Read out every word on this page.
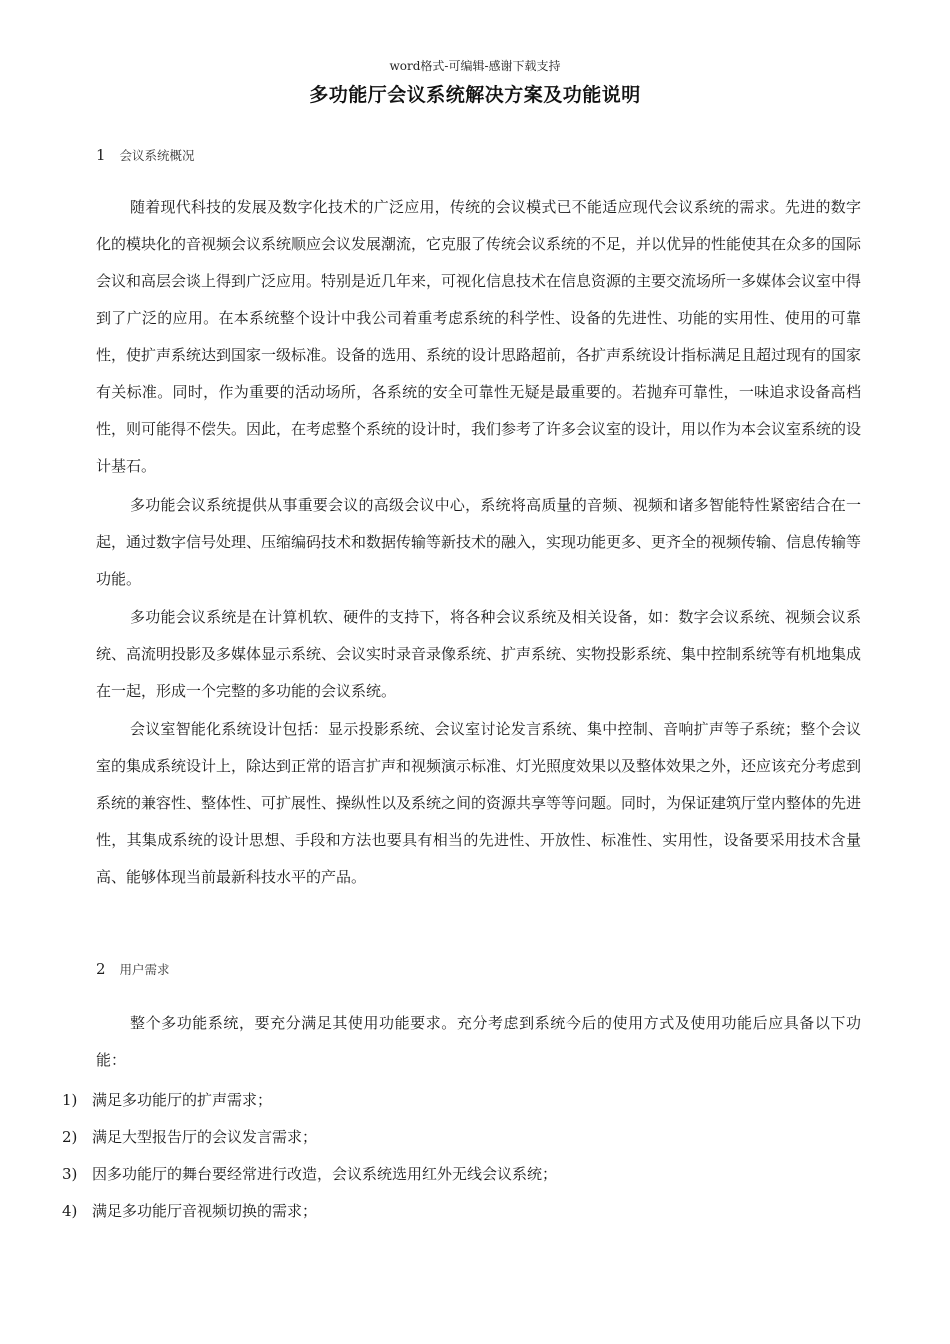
word格式-可编辑-感谢下载支持
多功能厅会议系统解决方案及功能说明
1 会议系统概况

随着现代科技的发展及数字化技术的广泛应用，传统的会议模式已不能适应现代会议系统的需求。先进的数字化的模块化的音视频会议系统顺应会议发展潮流，它克服了传统会议系统的不足，并以优异的性能使其在众多的国际会议和高层会谈上得到广泛应用。特别是近几年来，可视化信息技术在信息资源的主要交流场所一多媒体会议室中得到了广泛的应用。在本系统整个设计中我公司着重考虑系统的科学性、设备的先进性、功能的实用性、使用的可靠性，使扩声系统达到国家一级标准。设备的选用、系统的设计思路超前，各扩声系统设计指标满足且超过现有的国家有关标准。同时，作为重要的活动场所，各系统的安全可靠性无疑是最重要的。若抛弃可靠性，一味追求设备高档性，则可能得不偿失。因此，在考虑整个系统的设计时，我们参考了许多会议室的设计，用以作为本会议室系统的设计基石。

多功能会议系统提供从事重要会议的高级会议中心，系统将高质量的音频、视频和诸多智能特性紧密结合在一起，通过数字信号处理、压缩编码技术和数据传输等新技术的融入，实现功能更多、更齐全的视频传输、信息传输等功能。

多功能会议系统是在计算机软、硬件的支持下，将各种会议系统及相关设备，如：数字会议系统、视频会议系统、高流明投影及多媒体显示系统、会议实时录音录像系统、扩声系统、实物投影系统、集中控制系统等有机地集成在一起，形成一个完整的多功能的会议系统。

会议室智能化系统设计包括：显示投影系统、会议室讨论发言系统、集中控制、音响扩声等子系统；整个会议室的集成系统设计上，除达到正常的语言扩声和视频演示标准、灯光照度效果以及整体效果之外，还应该充分考虑到系统的兼容性、整体性、可扩展性、操纵性以及系统之间的资源共享等等问题。同时，为保证建筑厅堂内整体的先进性，其集成系统的设计思想、手段和方法也要具有相当的先进性、开放性、标准性、实用性，设备要采用技术含量高、能够体现当前最新科技水平的产品。

2 用户需求

整个多功能系统，要充分满足其使用功能要求。充分考虑到系统今后的使用方式及使用功能后应具备以下功能：

1) 满足多功能厅的扩声需求；
2) 满足大型报告厅的会议发言需求；
3) 因多功能厅的舞台要经常进行改造，会议系统选用红外无线会议系统；
4) 满足多功能厅音视频切换的需求；
